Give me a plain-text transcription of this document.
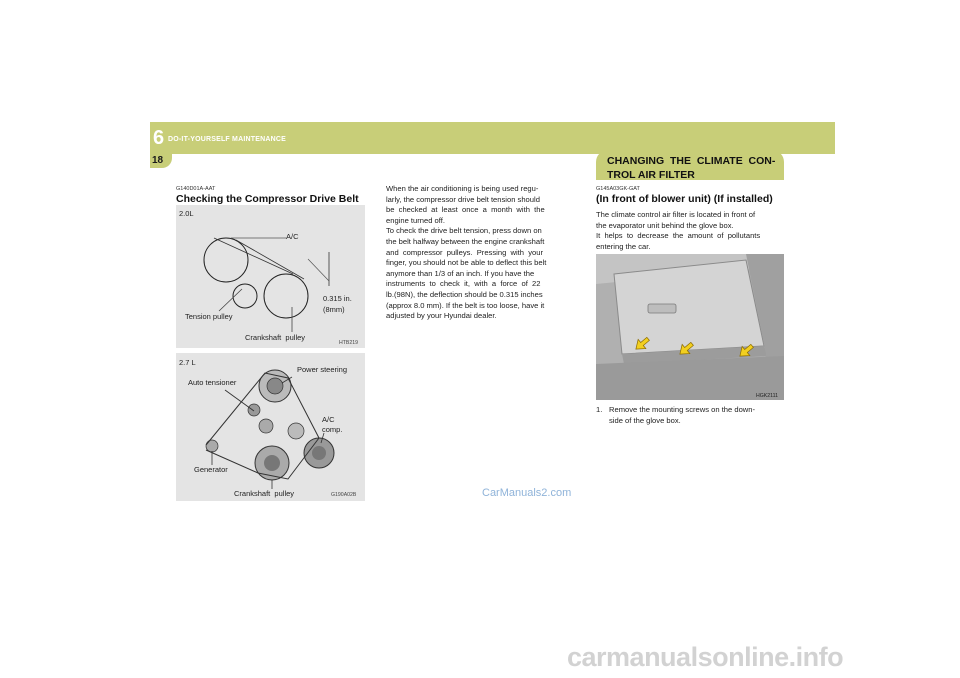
6 DO-IT-YOURSELF MAINTENANCE
18	CHANGING  THE  CLIMATE  CON-
TROL AIR FILTER
G140D01A-AAT
Checking the Compressor Drive Belt
2.0L
A/C
0.315 in.
(8mm)
Tension pulley
Crankshaft  pulley
HTB219
2.7 L
Power steering
Auto tensioner
A/C
comp.
Generator
Crankshaft  pulley	G190A02B
When the air conditioning is being used regu-
larly, the compressor drive belt tension should
be  checked  at  least  once  a  month  with  the
engine turned off.
To check the drive belt tension, press down on
the belt halfway between the engine crankshaft
and  compressor  pulleys.  Pressing  with  your
finger, you should not be able to deflect this belt
anymore than 1/3 of an inch. If you have the
instruments  to  check  it,  with  a  force  of  22
lb.(98N), the deflection should be 0.315 inches
(approx 8.0 mm). If the belt is too loose, have it
adjusted by your Hyundai dealer.
CarManuals2.com
G145A03GK-GAT
(In front of blower unit) (If installed)
The climate control air filter is located in front of
the evaporator unit behind the glove box.
It  helps  to  decrease  the  amount  of  pollutants
entering the car.
HGK2111
1. Remove the mounting screws on the down-
side of the glove box.
carmanualsonline.info
